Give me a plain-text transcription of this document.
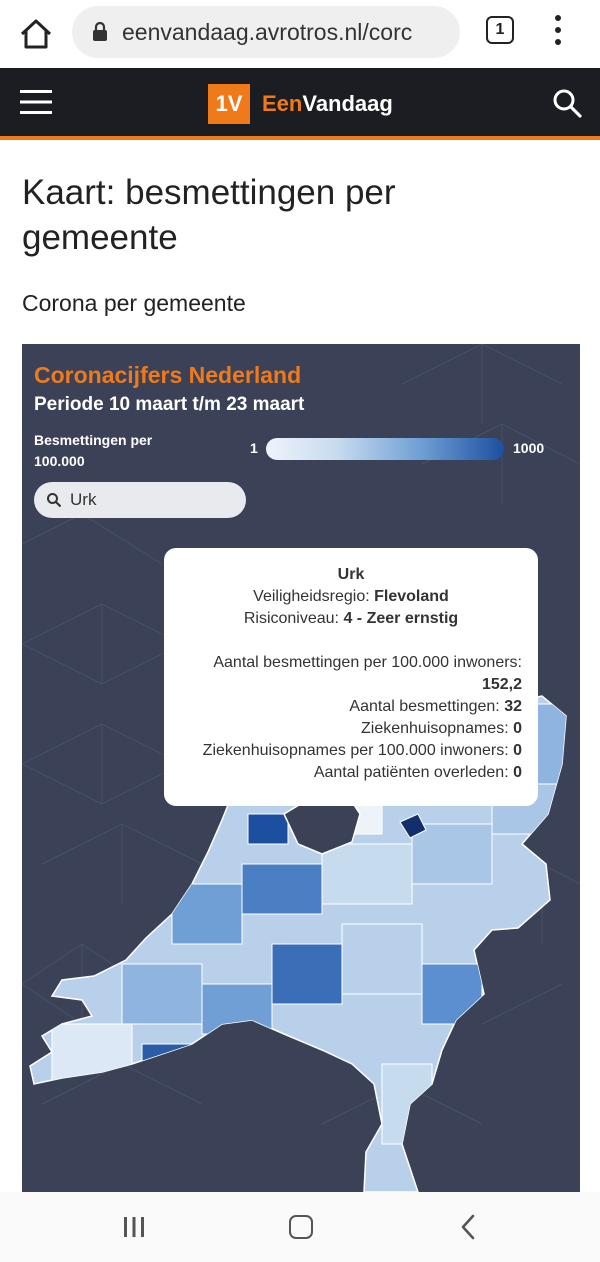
eenvandaag.avrotros.nl/corc	1
1V EenVandaag
Kaart: besmettingen per gemeente
Corona per gemeente
Coronacijfers Nederland
Periode 10 maart t/m 23 maart
Besmettingen per 100.000
1	1000
Urk
Urk
Veiligheidsregio: Flevoland
Risiconiveau: 4 - Zeer ernstig
Aantal besmettingen per 100.000 inwoners:
152,2
Aantal besmettingen: 32
Ziekenhuisopnames: 0
Ziekenhuisopnames per 100.000 inwoners: 0
Aantal patiënten overleden: 0
